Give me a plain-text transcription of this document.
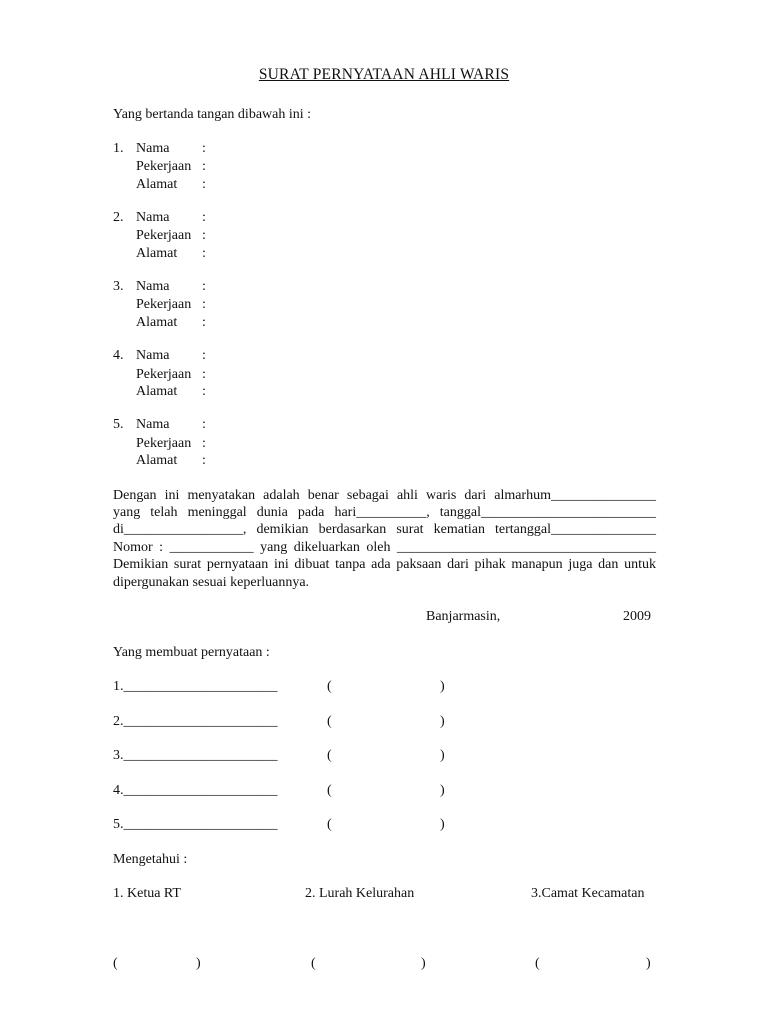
SURAT PERNYATAAN AHLI WARIS
Yang bertanda tangan dibawah ini :
1. Nama :
Pekerjaan :
Alamat :
2. Nama :
Pekerjaan :
Alamat :
3. Nama :
Pekerjaan :
Alamat :
4. Nama :
Pekerjaan :
Alamat :
5. Nama :
Pekerjaan :
Alamat :
Dengan ini menyatakan adalah benar sebagai ahli waris dari almarhum_______________
yang telah meninggal dunia pada hari__________, tanggal_________________________
di_________________, demikian berdasarkan surat kematian tertanggal_______________
Nomor : ____________ yang dikeluarkan oleh _____________________________________
Demikian surat pernyataan ini dibuat tanpa ada paksaan dari pihak manapun juga dan untuk dipergunakan sesuai keperluannya.
Banjarmasin,	2009
Yang membuat pernyataan :
1.______________________	(	)
2.______________________	(	)
3.______________________	(	)
4.______________________	(	)
5.______________________	(	)
Mengetahui :
1. Ketua RT	2. Lurah Kelurahan	3.Camat Kecamatan
(	)	(	)	(	)
